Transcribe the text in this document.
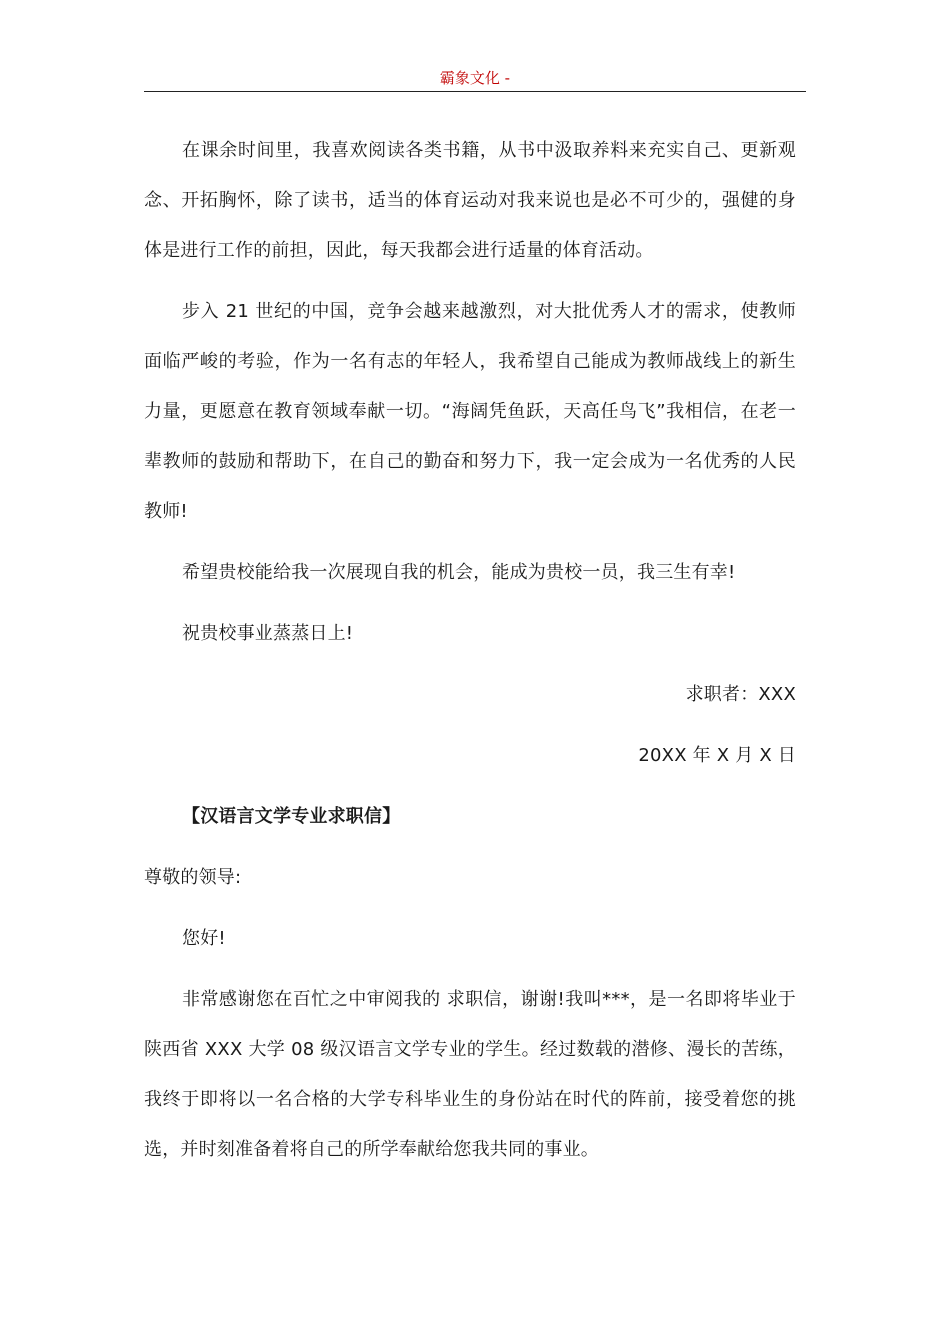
霸象文化 -

在课余时间里，我喜欢阅读各类书籍，从书中汲取养料来充实自己、更新观念、开拓胸怀，除了读书，适当的体育运动对我来说也是必不可少的，强健的身体是进行工作的前担，因此，每天我都会进行适量的体育活动。

步入 21 世纪的中国，竞争会越来越激烈，对大批优秀人才的需求，使教师面临严峻的考验，作为一名有志的年轻人，我希望自己能成为教师战线上的新生力量，更愿意在教育领域奉献一切。“海阔凭鱼跃，天高任鸟飞”我相信，在老一辈教师的鼓励和帮助下，在自己的勤奋和努力下，我一定会成为一名优秀的人民教师!

希望贵校能给我一次展现自我的机会，能成为贵校一员，我三生有幸!

祝贵校事业蒸蒸日上!

求职者：XXX

20XX 年 X 月 X 日

【汉语言文学专业求职信】

尊敬的领导:

您好!

非常感谢您在百忙之中审阅我的 求职信，谢谢!我叫***，是一名即将毕业于陕西省 XXX 大学 08 级汉语言文学专业的学生。经过数载的潜修、漫长的苦练，我终于即将以一名合格的大学专科毕业生的身份站在时代的阵前，接受着您的挑选，并时刻准备着将自己的所学奉献给您我共同的事业。
